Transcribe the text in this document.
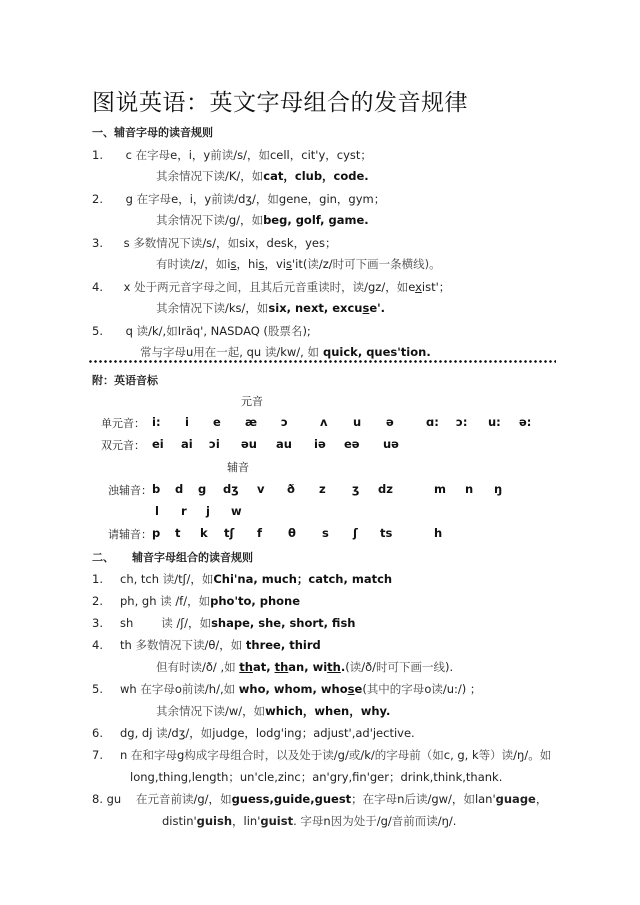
图说英语：英文字母组合的发音规律
一、辅音字母的读音规则
1. c 在字母e，i，y前读/s/，如cell，cit'y，cyst；
其余情况下读/K/，如cat，club，code.
2. g 在字母e，i，y前读/dʒ/，如gene，gin，gym；
其余情况下读/g/，如beg, golf, game.
3. s 多数情况下读/s/，如six，desk，yes；
有时读/z/，如is，his，vis'it(读/z/时可下画一条横线)。
4. x 处于两元音字母之间，且其后元音重读时，读/gz/，如exist'；
其余情况下读/ks/，如six, next, excuse'.
5. q 读/k/,如Iräq', NASDAQ (股票名);
常与字母u用在一起, qu 读/kw/, 如 quick, ques'tion.
附：英语音标
元音
单元音： i: i e æ ɔ	ʌ u ə	ɑ: ɔ: u: ə:
双元音： ei ai ɔi əu au iə eə uə
辅音
浊辅音： b d g dʒ v ð z ʒ dz	m n ŋ
l r j w
请辅音： p t k tʃ f θ s ʃ ts	h
二、 辅音字母组合的读音规则
1. ch, tch 读/tʃ/，如Chi'na, much；catch, match
2. ph, gh 读 /f/，如pho'to, phone
3. sh 读 /ʃ/，如shape, she, short, fish
4. th 多数情况下读/θ/，如 three, third
但有时读/ð/ ,如 that, than, with.(读/ð/时可下画一线).
5. wh 在字母o前读/h/,如 who, whom, whose(其中的字母o读/u:/) ；
其余情况下读/w/，如which，when，why.
6. dg, dj 读/dʒ/，如judge，lodg'ing；adjust',ad'jective.
7. n 在和字母g构成字母组合时，以及处于读/g/或/k/的字母前（如c, g, k等）读/ŋ/。如
long,thing,length；un'cle,zinc；an'gry,fin'ger；drink,think,thank.
8. gu 在元音前读/g/，如guess,guide,guest；在字母n后读/gw/，如lan'guage，
distin'guish，lin'guist. 字母n因为处于/g/音前而读/ŋ/.
